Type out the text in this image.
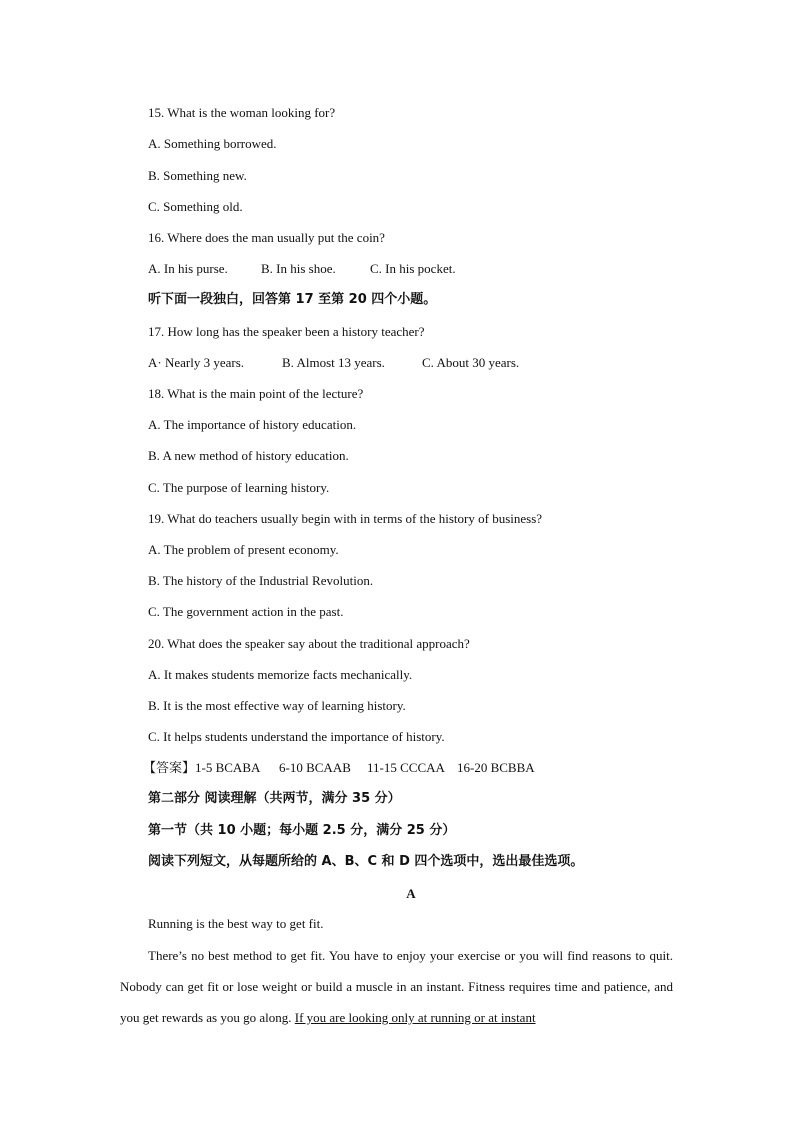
15. What is the woman looking for?
A. Something borrowed.
B. Something new.
C. Something old.
16. Where does the man usually put the coin?
A. In his purse.	B. In his shoe.	C. In his pocket.
听下面一段独白，回答第 17 至第 20 四个小题。
17. How long has the speaker been a history teacher?
A· Nearly 3 years.	B. Almost 13 years.	C. About 30 years.
18. What is the main point of the lecture?
A. The importance of history education.
B. A new method of history education.
C. The purpose of learning history.
19. What do teachers usually begin with in terms of the history of business?
A. The problem of present economy.
B. The history of the Industrial Revolution.
C. The government action in the past.
20. What does the speaker say about the traditional approach?
A. It makes students memorize facts mechanically.
B. It is the most effective way of learning history.
C. It helps students understand the importance of history.
【答案】1-5 BCABA 6-10 BCAAB 11-15 CCCAA 16-20 BCBBA
第二部分 阅读理解（共两节，满分 35 分）
第一节（共 10 小题；每小题 2.5 分，满分 25 分）
阅读下列短文，从每题所给的 A、B、C 和 D 四个选项中，选出最佳选项。
A
Running is the best way to get fit.
There’s no best method to get fit. You have to enjoy your exercise or you will find reasons to quit. Nobody can get fit or lose weight or build a muscle in an instant. Fitness requires time and patience, and you get rewards as you go along. If you are looking only at running or at instant
